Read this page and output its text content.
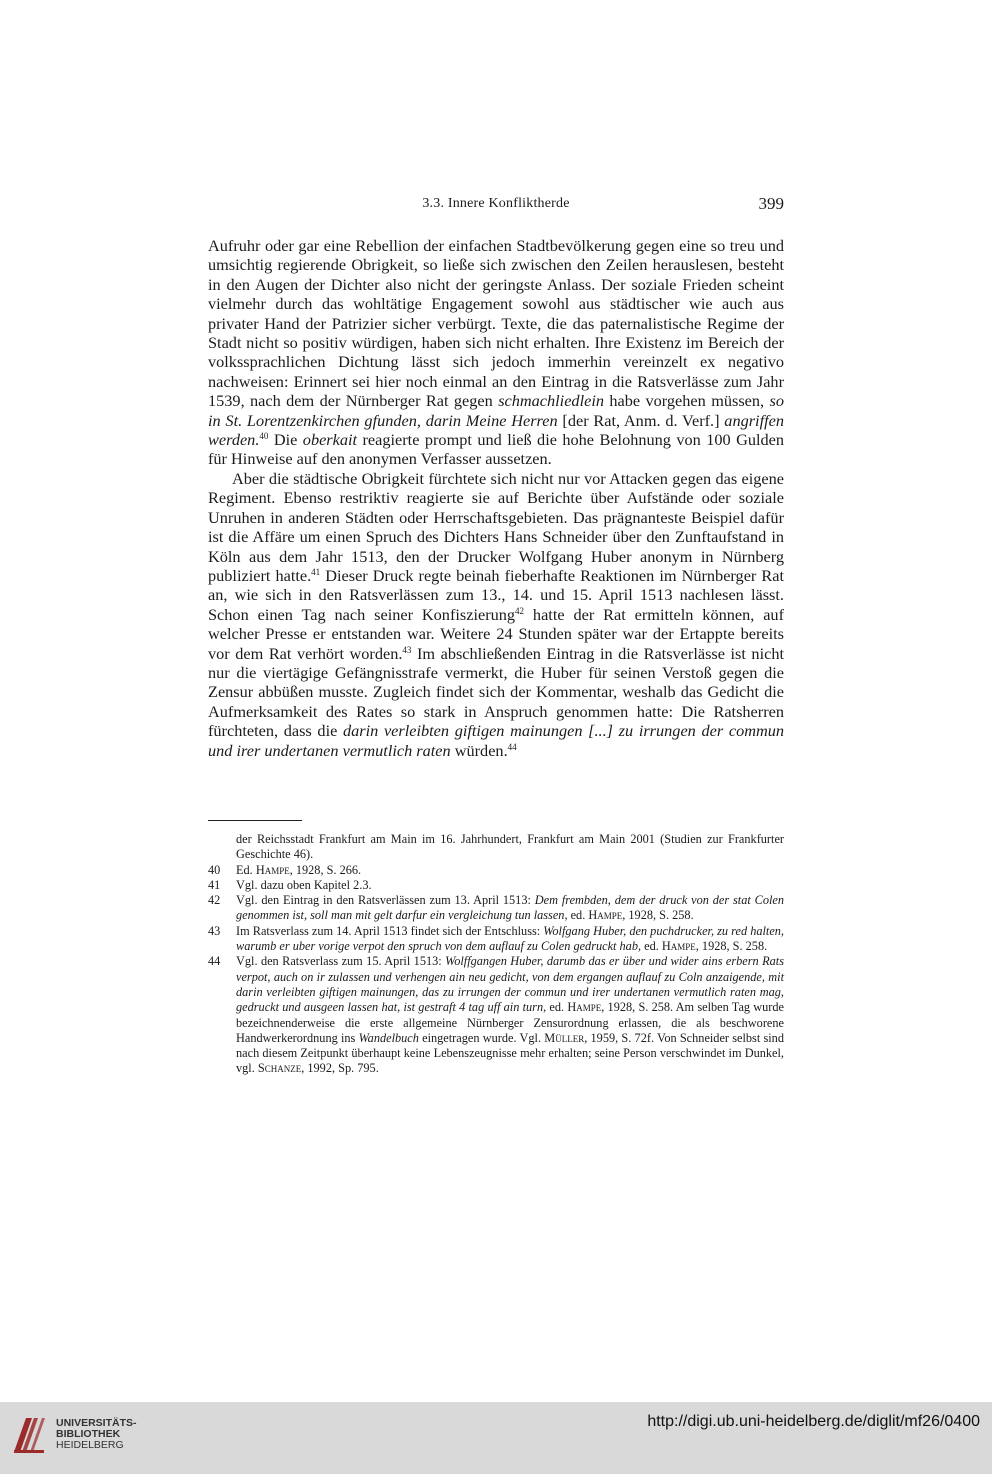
3.3. Innere Konfliktherde	399

Aufruhr oder gar eine Rebellion der einfachen Stadtbevölkerung gegen eine so treu und umsichtig regierende Obrigkeit, so ließe sich zwischen den Zeilen herauslesen, besteht in den Augen der Dichter also nicht der geringste Anlass. Der soziale Frieden scheint vielmehr durch das wohltätige Engagement sowohl aus städtischer wie auch aus privater Hand der Patrizier sicher verbürgt. Texte, die das paternalistische Regime der Stadt nicht so positiv würdigen, haben sich nicht erhalten. Ihre Existenz im Bereich der volkssprachlichen Dichtung lässt sich jedoch immerhin vereinzelt ex negativo nachweisen: Erinnert sei hier noch einmal an den Eintrag in die Ratsverlässe zum Jahr 1539, nach dem der Nürnberger Rat gegen schmachliedlein habe vorgehen müssen, so in St. Lorentzenkirchen gfunden, darin Meine Herren [der Rat, Anm. d. Verf.] angriffen werden.$^{40}$ Die oberkait reagierte prompt und ließ die hohe Belohnung von 100 Gulden für Hinweise auf den anonymen Verfasser aussetzen.

Aber die städtische Obrigkeit fürchtete sich nicht nur vor Attacken gegen das eigene Regiment. Ebenso restriktiv reagierte sie auf Berichte über Aufstände oder soziale Unruhen in anderen Städten oder Herrschaftsgebieten. Das prägnanteste Beispiel dafür ist die Affäre um einen Spruch des Dichters Hans Schneider über den Zunftaufstand in Köln aus dem Jahr 1513, den der Drucker Wolfgang Huber anonym in Nürnberg publiziert hatte.$^{41}$ Dieser Druck regte beinah fieberhafte Reaktionen im Nürnberger Rat an, wie sich in den Ratsverlässen zum 13., 14. und 15. April 1513 nachlesen lässt. Schon einen Tag nach seiner Konfiszierung$^{42}$ hatte der Rat ermitteln können, auf welcher Presse er entstanden war. Weitere 24 Stunden später war der Ertappte bereits vor dem Rat verhört worden.$^{43}$ Im abschließenden Eintrag in die Ratsverlässe ist nicht nur die viertägige Gefängnisstrafe vermerkt, die Huber für seinen Verstoß gegen die Zensur abbüßen musste. Zugleich findet sich der Kommentar, weshalb das Gedicht die Aufmerksamkeit des Rates so stark in Anspruch genommen hatte: Die Ratsherren fürchteten, dass die darin verleibten giftigen mainungen [...] zu irrungen der commun und irer undertanen vermutlich raten würden.$^{44}$

der Reichsstadt Frankfurt am Main im 16. Jahrhundert, Frankfurt am Main 2001 (Studien zur Frankfurter Geschichte 46).
40 Ed. Hampe, 1928, S. 266.
41 Vgl. dazu oben Kapitel 2.3.
42 Vgl. den Eintrag in den Ratsverlässen zum 13. April 1513: Dem frembden, dem der druck von der stat Colen genommen ist, soll man mit gelt darfur ein vergleichung tun lassen, ed. Hampe, 1928, S. 258.
43 Im Ratsverlass zum 14. April 1513 findet sich der Entschluss: Wolfgang Huber, den puchdrucker, zu red halten, warumb er uber vorige verpot den spruch von dem auflauf zu Colen gedruckt hab, ed. Hampe, 1928, S. 258.
44 Vgl. den Ratsverlass zum 15. April 1513: Wolffgangen Huber, darumb das er über und wider ains erbern Rats verpot, auch on ir zulassen und verhengen ain neu gedicht, von dem ergangen auflauf zu Coln anzaigende, mit darin verleibten giftigen mainungen, das zu irrungen der commun und irer undertanen vermutlich raten mag, gedruckt und ausgeen lassen hat, ist gestraft 4 tag uff ain turn, ed. Hampe, 1928, S. 258. Am selben Tag wurde bezeichnenderweise die erste allgemeine Nürnberger Zensurordnung erlassen, die als beschworene Handwerkerordnung ins Wandelbuch eingetragen wurde. Vgl. Müller, 1959, S. 72f. Von Schneider selbst sind nach diesem Zeitpunkt überhaupt keine Lebenszeugnisse mehr erhalten; seine Person verschwindet im Dunkel, vgl. Schanze, 1992, Sp. 795.
UNIVERSITÄTS-
BIBLIOTHEK
HEIDELBERG
http://digi.ub.uni-heidelberg.de/diglit/mf26/0400
